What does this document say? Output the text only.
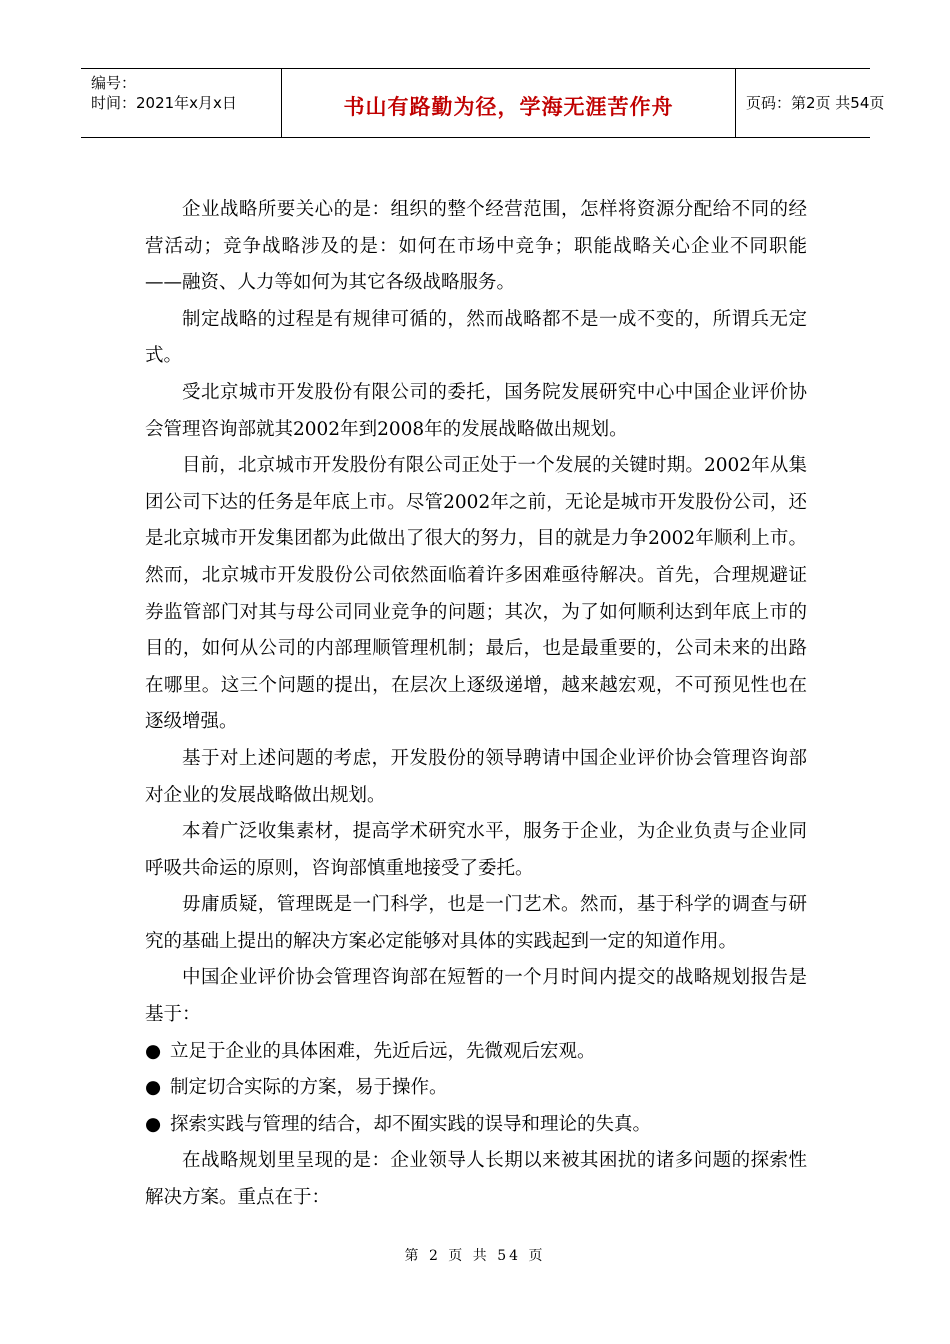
编号：
时间：2021年x月x日	书山有路勤为径，学海无涯苦作舟	页码：第2页 共54页

企业战略所要关心的是：组织的整个经营范围，怎样将资源分配给不同的经营活动；竞争战略涉及的是：如何在市场中竞争；职能战略关心企业不同职能——融资、人力等如何为其它各级战略服务。

制定战略的过程是有规律可循的，然而战略都不是一成不变的，所谓兵无定式。

受北京城市开发股份有限公司的委托，国务院发展研究中心中国企业评价协会管理咨询部就其2002年到2008年的发展战略做出规划。

目前，北京城市开发股份有限公司正处于一个发展的关键时期。2002年从集团公司下达的任务是年底上市。尽管2002年之前，无论是城市开发股份公司，还是北京城市开发集团都为此做出了很大的努力，目的就是力争2002年顺利上市。然而，北京城市开发股份公司依然面临着许多困难亟待解决。首先，合理规避证券监管部门对其与母公司同业竞争的问题；其次，为了如何顺利达到年底上市的目的，如何从公司的内部理顺管理机制；最后，也是最重要的，公司未来的出路在哪里。这三个问题的提出，在层次上逐级递增，越来越宏观，不可预见性也在逐级增强。

基于对上述问题的考虑，开发股份的领导聘请中国企业评价协会管理咨询部对企业的发展战略做出规划。

本着广泛收集素材，提高学术研究水平，服务于企业，为企业负责与企业同呼吸共命运的原则，咨询部慎重地接受了委托。

毋庸质疑，管理既是一门科学，也是一门艺术。然而，基于科学的调查与研究的基础上提出的解决方案必定能够对具体的实践起到一定的知道作用。

中国企业评价协会管理咨询部在短暂的一个月时间内提交的战略规划报告是基于：

● 立足于企业的具体困难，先近后远，先微观后宏观。
● 制定切合实际的方案，易于操作。
● 探索实践与管理的结合，却不囿实践的误导和理论的失真。

在战略规划里呈现的是：企业领导人长期以来被其困扰的诸多问题的探索性解决方案。重点在于：

第 2 页 共 54 页
